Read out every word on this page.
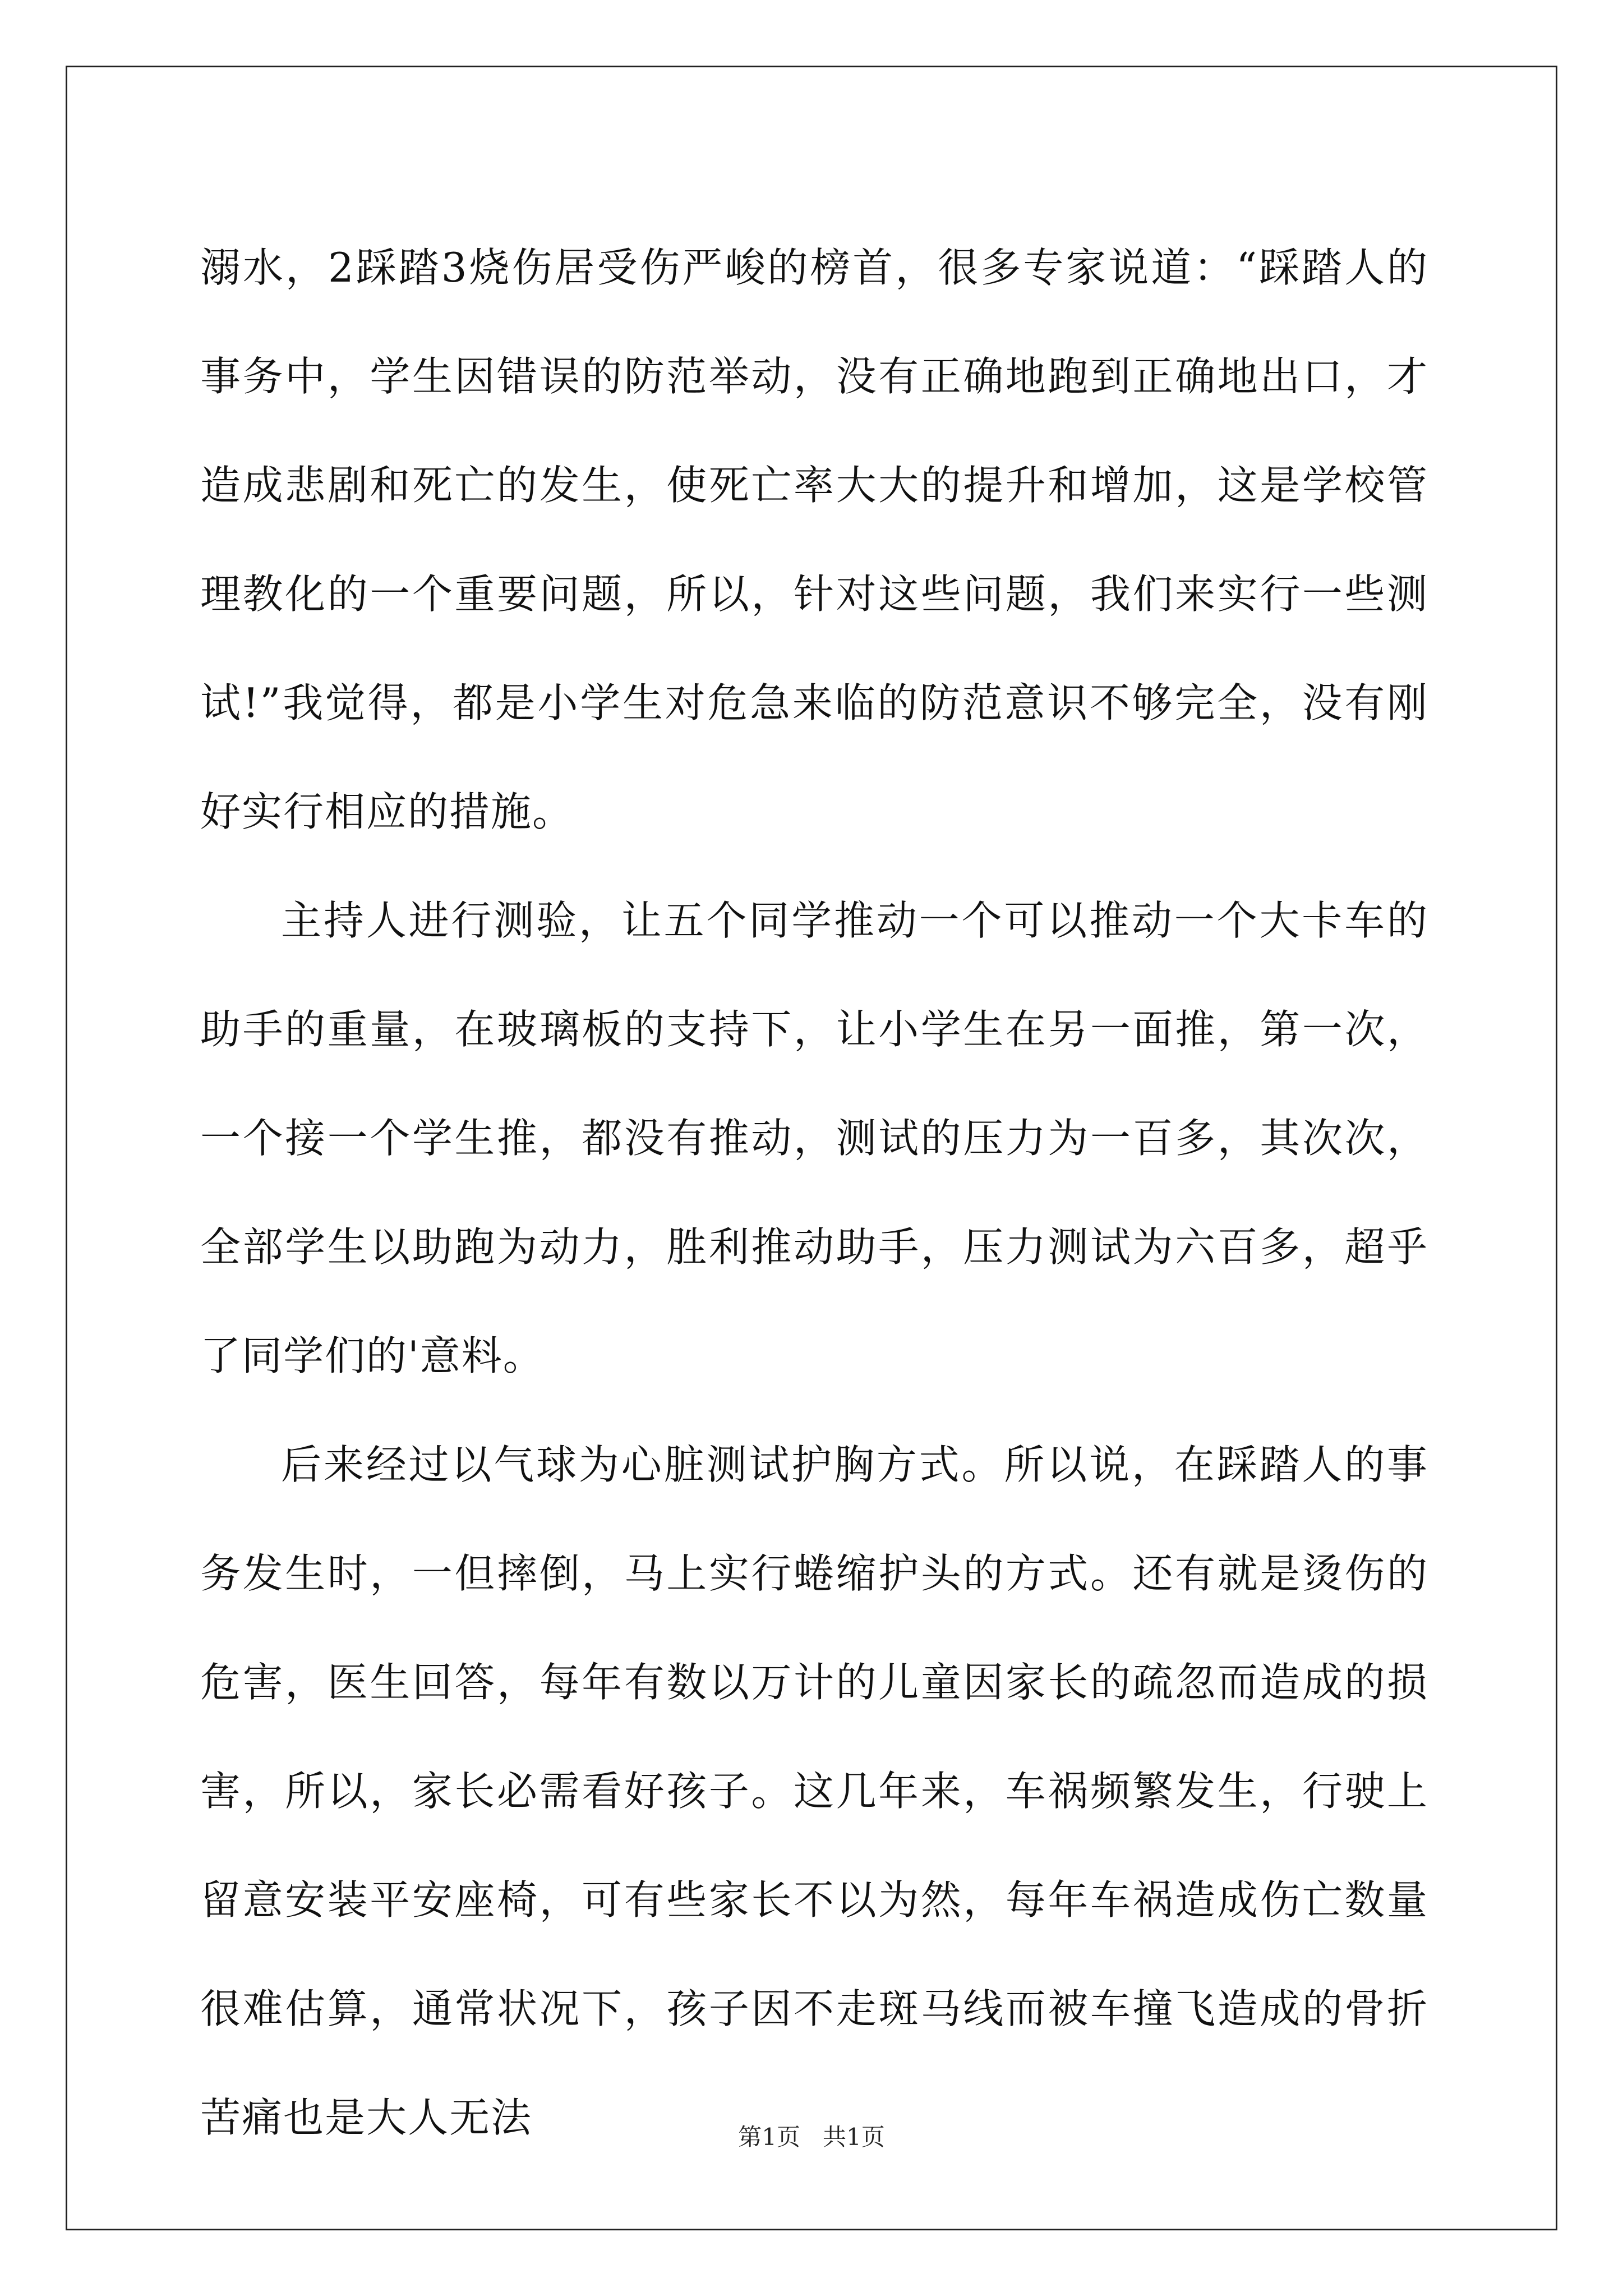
溺水，2踩踏3烧伤居受伤严峻的榜首，很多专家说道：“踩踏人的事务中，学生因错误的防范举动，没有正确地跑到正确地出口，才造成悲剧和死亡的发生，使死亡率大大的提升和增加，这是学校管理教化的一个重要问题，所以，针对这些问题，我们来实行一些测试!”我觉得，都是小学生对危急来临的防范意识不够完全，没有刚好实行相应的措施。

主持人进行测验，让五个同学推动一个可以推动一个大卡车的助手的重量，在玻璃板的支持下，让小学生在另一面推，第一次，一个接一个学生推，都没有推动，测试的压力为一百多，其次次，全部学生以助跑为动力，胜利推动助手，压力测试为六百多，超乎了同学们的'意料。

后来经过以气球为心脏测试护胸方式。所以说，在踩踏人的事务发生时，一但摔倒，马上实行蜷缩护头的方式。还有就是烫伤的危害，医生回答，每年有数以万计的儿童因家长的疏忽而造成的损害，所以，家长必需看好孩子。这几年来，车祸频繁发生，行驶上留意安装平安座椅，可有些家长不以为然，每年车祸造成伤亡数量很难估算，通常状况下，孩子因不走斑马线而被车撞飞造成的骨折苦痛也是大人无法	第1页   共1页
